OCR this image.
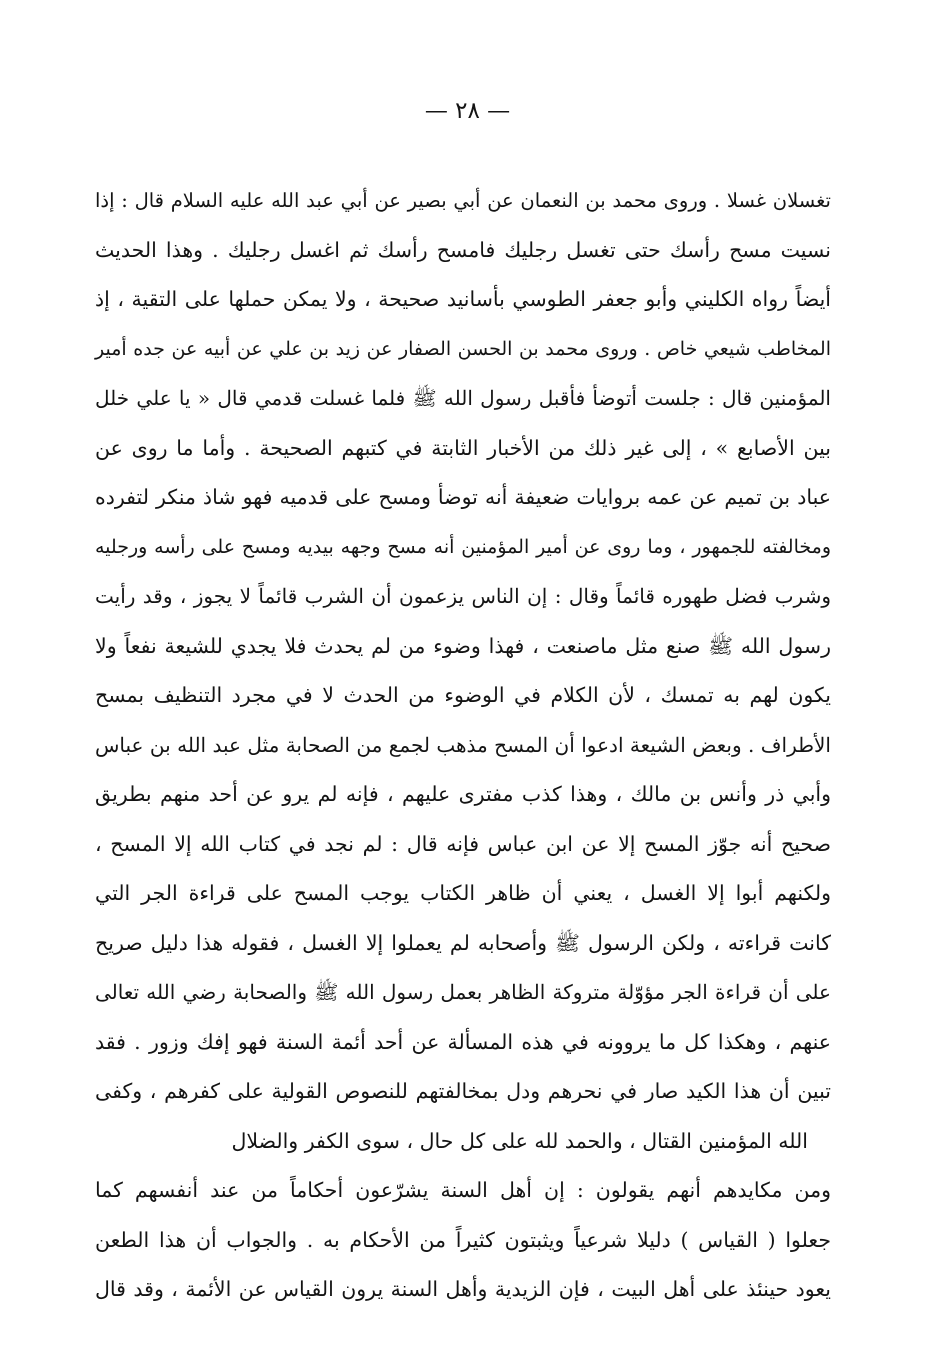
— ٢٨ —
تغسلان غسلا . وروى محمد بن النعمان عن أبي بصير عن أبي عبد الله عليه السلام قال : إذا
نسيت مسح رأسك حتى تغسل رجليك فامسح رأسك ثم اغسل رجليك . وهذا الحديث
أيضاً رواه الكليني وأبو جعفر الطوسي بأسانيد صحيحة ، ولا يمكن حملها على التقية ، إذ
المخاطب شيعي خاص . وروى محمد بن الحسن الصفار عن زيد بن علي عن أبيه عن جده أمير
المؤمنين قال : جلست أتوضأ فأقبل رسول الله ﷺ فلما غسلت قدمي قال « يا علي خلل
بين الأصابع » ، إلى غير ذلك من الأخبار الثابتة في كتبهم الصحيحة . وأما ما روى عن
عباد بن تميم عن عمه بروايات ضعيفة أنه توضأ ومسح على قدميه فهو شاذ منكر لتفرده
ومخالفته للجمهور ، وما روى عن أمير المؤمنين أنه مسح وجهه بيديه ومسح على رأسه ورجليه
وشرب فضل طهوره قائماً وقال : إن الناس يزعمون أن الشرب قائماً لا يجوز ، وقد رأيت
رسول الله ﷺ صنع مثل ماصنعت ، فهذا وضوء من لم يحدث فلا يجدي للشيعة نفعاً ولا
يكون لهم به تمسك ، لأن الكلام في الوضوء من الحدث لا في مجرد التنظيف بمسح
الأطراف . وبعض الشيعة ادعوا أن المسح مذهب لجمع من الصحابة مثل عبد الله بن عباس
وأبي ذر وأنس بن مالك ، وهذا كذب مفترى عليهم ، فإنه لم يرو عن أحد منهم بطريق
صحيح أنه جوّز المسح إلا عن ابن عباس فإنه قال : لم نجد في كتاب الله إلا المسح ،
ولكنهم أبوا إلا الغسل ، يعني أن ظاهر الكتاب يوجب المسح على قراءة الجر التي
كانت قراءته ، ولكن الرسول ﷺ وأصحابه لم يعملوا إلا الغسل ، فقوله هذا دليل صريح
على أن قراءة الجر مؤوّلة متروكة الظاهر بعمل رسول الله ﷺ والصحابة رضي الله تعالى
عنهم ، وهكذا كل ما يروونه في هذه المسألة عن أحد أئمة السنة فهو إفك وزور . فقد
تبين أن هذا الكيد صار في نحرهم ودل بمخالفتهم للنصوص القولية على كفرهم ، وكفى
الله المؤمنين القتال ، والحمد لله على كل حال ، سوى الكفر والضلال
ومن مكايدهم أنهم يقولون : إن أهل السنة يشرّعون أحكاماً من عند أنفسهم كما
جعلوا ( القياس ) دليلا شرعياً ويثبتون كثيراً من الأحكام به . والجواب أن هذا الطعن
يعود حينئذ على أهل البيت ، فإن الزيدية وأهل السنة يرون القياس عن الأئمة ، وقد قال
